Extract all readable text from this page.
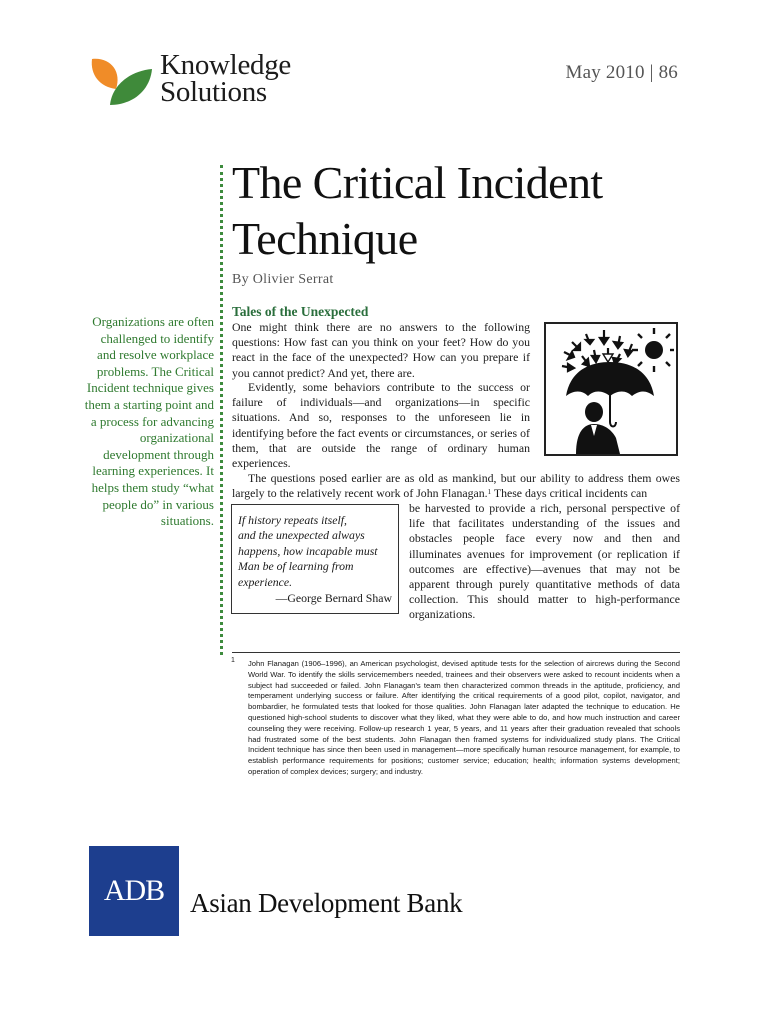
Knowledge
Solutions
May 2010 | 86
The Critical Incident
Technique
By Olivier Serrat
Organizations are often challenged to identify and resolve workplace problems. The Critical Incident technique gives them a starting point and a process for advancing organizational development through learning experiences. It helps them study “what people do” in various situations.
Tales of the Unexpected
One might think there are no answers to the following questions: How fast can you think on your feet? How do you react in the face of the unexpected? How can you prepare if you cannot predict? And yet, there are.
Evidently, some behaviors contribute to the success or failure of individuals—and organizations—in specific situations. And so, responses to the unforeseen lie in identifying before the fact events or circumstances, or series of them, that are outside the range of ordinary human experiences.
The questions posed earlier are as old as mankind, but our ability to address them owes largely to the relatively recent work of John Flanagan.$^1$ These days critical incidents can
be harvested to provide a rich, personal perspective of life that facilitates understanding of the issues and obstacles people face every now and then and illuminates avenues for improvement (or replication if outcomes are effective)—avenues that may not be apparent through purely quantitative methods of data collection. This should matter to high-performance organizations.
If history repeats itself,
and the unexpected always
happens, how incapable must
Man be of learning from
experience.
—George Bernard Shaw
1 John Flanagan (1906–1996), an American psychologist, devised aptitude tests for the selection of aircrews during the Second World War. To identify the skills servicemembers needed, trainees and their observers were asked to recount incidents when a subject had succeeded or failed. John Flanagan's team then characterized common threads in the aptitude, proficiency, and temperament underlying success or failure. After identifying the critical requirements of a good pilot, copilot, navigator, and bombardier, he formulated tests that looked for those qualities. John Flanagan later adapted the technique to education. He questioned high-school students to discover what they liked, what they were able to do, and how much instruction and career counseling they were receiving. Follow-up research 1 year, 5 years, and 11 years after their graduation revealed that schools had frustrated some of the best students. John Flanagan then framed systems for individualized study plans. The Critical Incident technique has since then been used in management—more specifically human resource management, for example, to establish performance requirements for positions; customer service; education; health; information systems development; operation of complex devices; surgery; and industry.
ADB Asian Development Bank
